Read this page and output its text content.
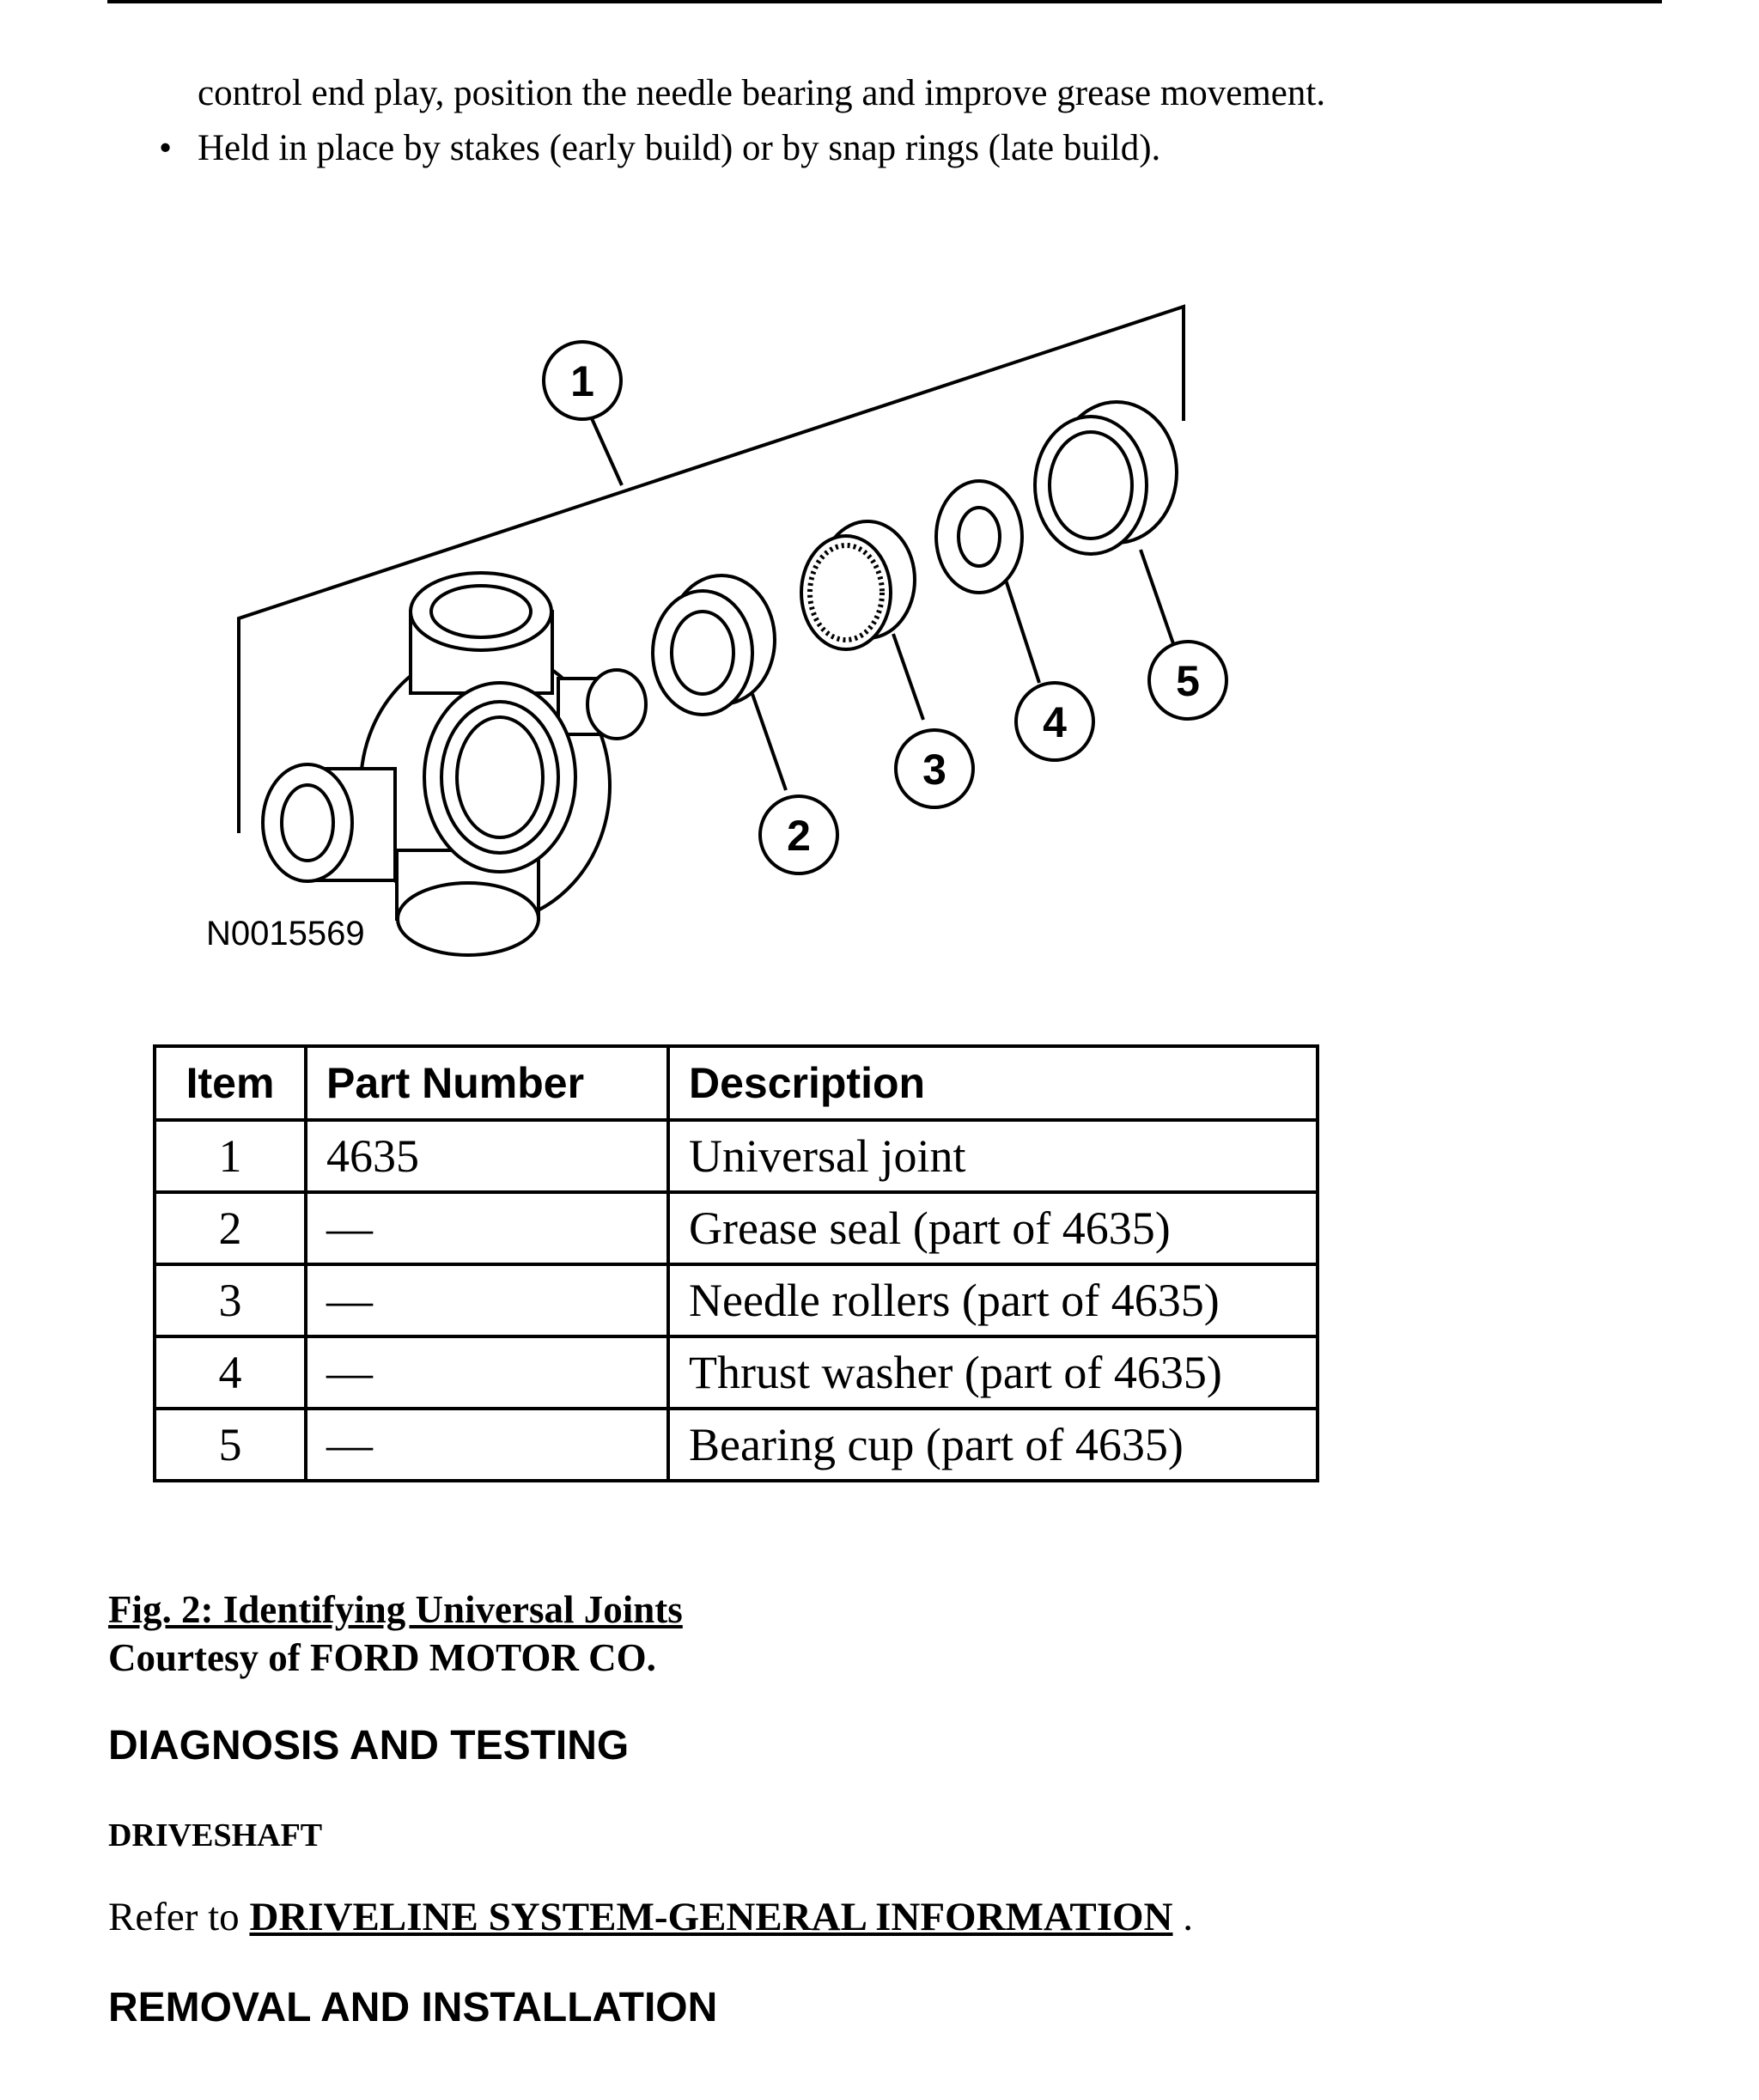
control end play, position the needle bearing and improve grease movement.
• Held in place by stakes (early build) or by snap rings (late build).
1
2
3
4
5
N0015569
Item	Part Number	Description
1	4635	Universal joint
2	—	Grease seal (part of 4635)
3	—	Needle rollers (part of 4635)
4	—	Thrust washer (part of 4635)
5	—	Bearing cup (part of 4635)
Fig. 2: Identifying Universal Joints
Courtesy of FORD MOTOR CO.
DIAGNOSIS AND TESTING
DRIVESHAFT
Refer to DRIVELINE SYSTEM-GENERAL INFORMATION .
REMOVAL AND INSTALLATION
